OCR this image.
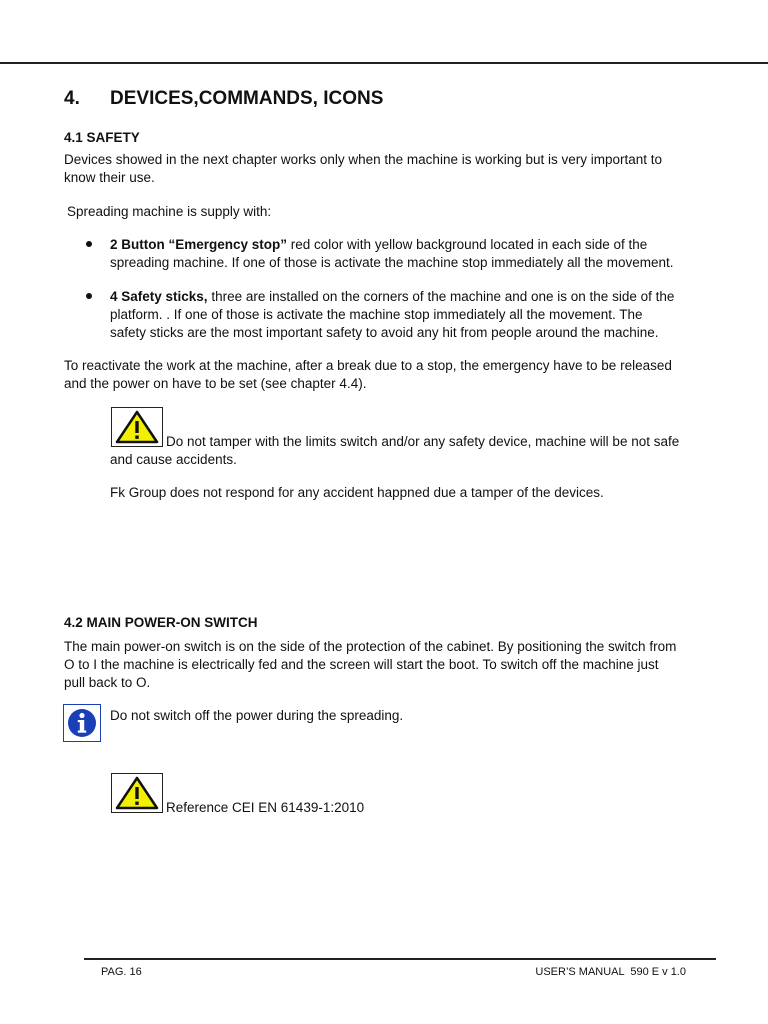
4. DEVICES,COMMANDS, ICONS
4.1 SAFETY
Devices showed in the next chapter works only when the machine is working but is very important to
know their use.
Spreading machine is supply with:
2 Button “Emergency stop” red color with yellow background located in each side of the
spreading machine. If one of those is activate the machine stop immediately all the movement.
4 Safety sticks, three are installed on the corners of the machine and one is on the side of the
platform. . If one of those is activate the machine stop immediately all the movement. The
safety sticks are the most important safety to avoid any hit from people around the machine.
To reactivate the work at the machine, after a break due to a stop, the emergency have to be released
and the power on have to be set (see chapter 4.4).
Do not tamper with the limits switch and/or any safety device, machine will be not safe
and cause accidents.
Fk Group does not respond for any accident happned due a tamper of the devices.
4.2 MAIN POWER-ON SWITCH
The main power-on switch is on the side of the protection of the cabinet. By positioning the switch from
O to I the machine is electrically fed and the screen will start the boot. To switch off the machine just
pull back to O.
Do not switch off the power during the spreading.
Reference CEI EN 61439-1:2010
PAG. 16	USER’S MANUAL  590 E v 1.0
